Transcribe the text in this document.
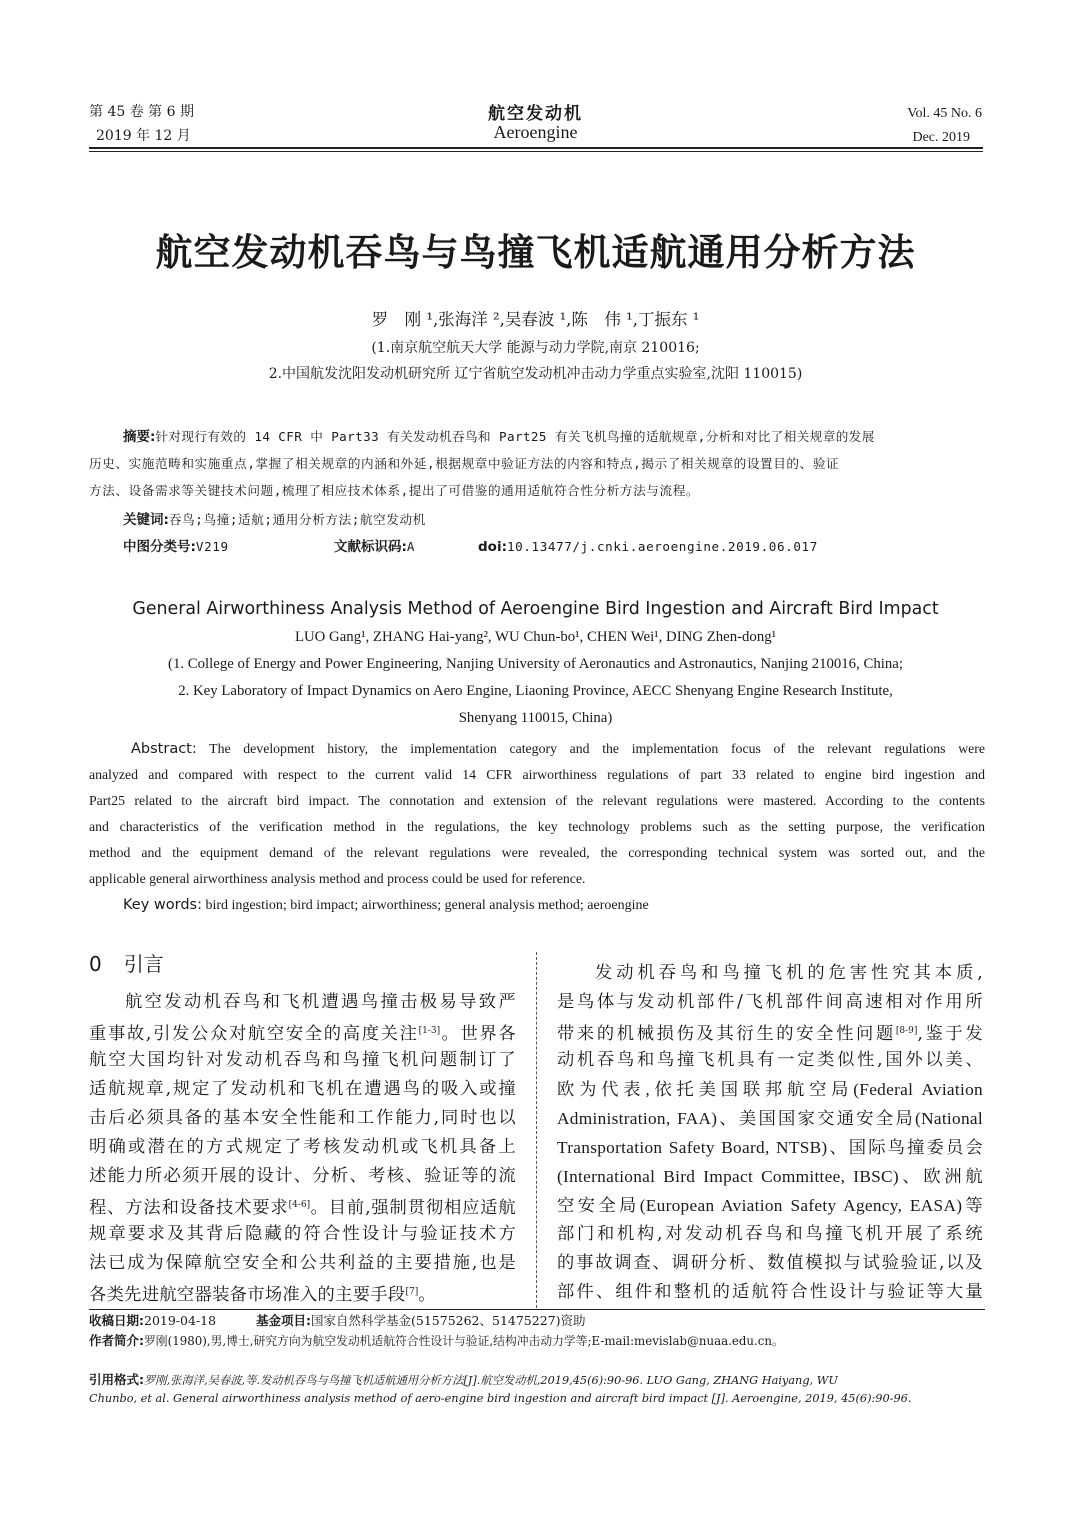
第 45 卷 第 6 期
2019 年 12 月
航空发动机
Aeroengine
Vol. 45 No. 6
Dec. 2019
航空发动机吞鸟与鸟撞飞机适航通用分析方法
罗　刚 ¹,张海洋 ²,吴春波 ¹,陈　伟 ¹,丁振东 ¹
(1.南京航空航天大学 能源与动力学院,南京 210016;
2.中国航发沈阳发动机研究所 辽宁省航空发动机冲击动力学重点实验室,沈阳 110015)
摘要:针对现行有效的 14 CFR 中 Part33 有关发动机吞鸟和 Part25 有关飞机鸟撞的适航规章,分析和对比了相关规章的发展
历史、实施范畴和实施重点,掌握了相关规章的内涵和外延,根据规章中验证方法的内容和特点,揭示了相关规章的设置目的、验证
方法、设备需求等关键技术问题,梳理了相应技术体系,提出了可借鉴的通用适航符合性分析方法与流程。
关键词:吞鸟;鸟撞;适航;通用分析方法;航空发动机
中图分类号:V219	文献标识码:A	doi:10.13477/j.cnki.aeroengine.2019.06.017
General Airworthiness Analysis Method of Aeroengine Bird Ingestion and Aircraft Bird Impact
LUO Gang¹, ZHANG Hai-yang², WU Chun-bo¹, CHEN Wei¹, DING Zhen-dong¹
(1. College of Energy and Power Engineering, Nanjing University of Aeronautics and Astronautics, Nanjing 210016, China;
2. Key Laboratory of Impact Dynamics on Aero Engine, Liaoning Province, AECC Shenyang Engine Research Institute,
Shenyang 110015, China)
Abstract: The development history, the implementation category and the implementation focus of the relevant regulations were
analyzed and compared with respect to the current valid 14 CFR airworthiness regulations of part 33 related to engine bird ingestion and
Part25 related to the aircraft bird impact. The connotation and extension of the relevant regulations were mastered. According to the contents
and characteristics of the verification method in the regulations, the key technology problems such as the setting purpose, the verification
method and the equipment demand of the relevant regulations were revealed, the corresponding technical system was sorted out, and the
applicable general airworthiness analysis method and process could be used for reference.
Key words: bird ingestion; bird impact; airworthiness; general analysis method; aeroengine
0 引言
航空发动机吞鸟和飞机遭遇鸟撞击极易导致严
重事故,引发公众对航空安全的高度关注[1-3]。世界各
航空大国均针对发动机吞鸟和鸟撞飞机问题制订了
适航规章,规定了发动机和飞机在遭遇鸟的吸入或撞
击后必须具备的基本安全性能和工作能力,同时也以
明确或潜在的方式规定了考核发动机或飞机具备上
述能力所必须开展的设计、分析、考核、验证等的流
程、方法和设备技术要求[4-6]。目前,强制贯彻相应适航
规章要求及其背后隐藏的符合性设计与验证技术方
法已成为保障航空安全和公共利益的主要措施,也是
各类先进航空器装备市场准入的主要手段[7]。
发动机吞鸟和鸟撞飞机的危害性究其本质,
是鸟体与发动机部件/飞机部件间高速相对作用所
带来的机械损伤及其衍生的安全性问题[8-9],鉴于发
动机吞鸟和鸟撞飞机具有一定类似性,国外以美、
欧为代表,依托美国联邦航空局(Federal Aviation
Administration, FAA)、美国国家交通安全局(National
Transportation Safety Board, NTSB)、国际鸟撞委员会
(International Bird Impact Committee, IBSC)、欧洲航
空安全局(European Aviation Safety Agency, EASA)等
部门和机构,对发动机吞鸟和鸟撞飞机开展了系统
的事故调查、调研分析、数值模拟与试验验证,以及
部件、组件和整机的适航符合性设计与验证等大量
收稿日期:2019-04-18	基金项目:国家自然科学基金(51575262、51475227)资助
作者简介:罗刚(1980),男,博士,研究方向为航空发动机适航符合性设计与验证,结构冲击动力学等;E-mail:mevislab@nuaa.edu.cn。
引用格式:罗刚,张海洋,吴春波,等.发动机吞鸟与鸟撞飞机适航通用分析方法[J].航空发动机,2019,45(6):90-96. LUO Gang, ZHANG Haiyang, WU
Chunbo, et al. General airworthiness analysis method of aero-engine bird ingestion and aircraft bird impact [J]. Aeroengine, 2019, 45(6):90-96.
